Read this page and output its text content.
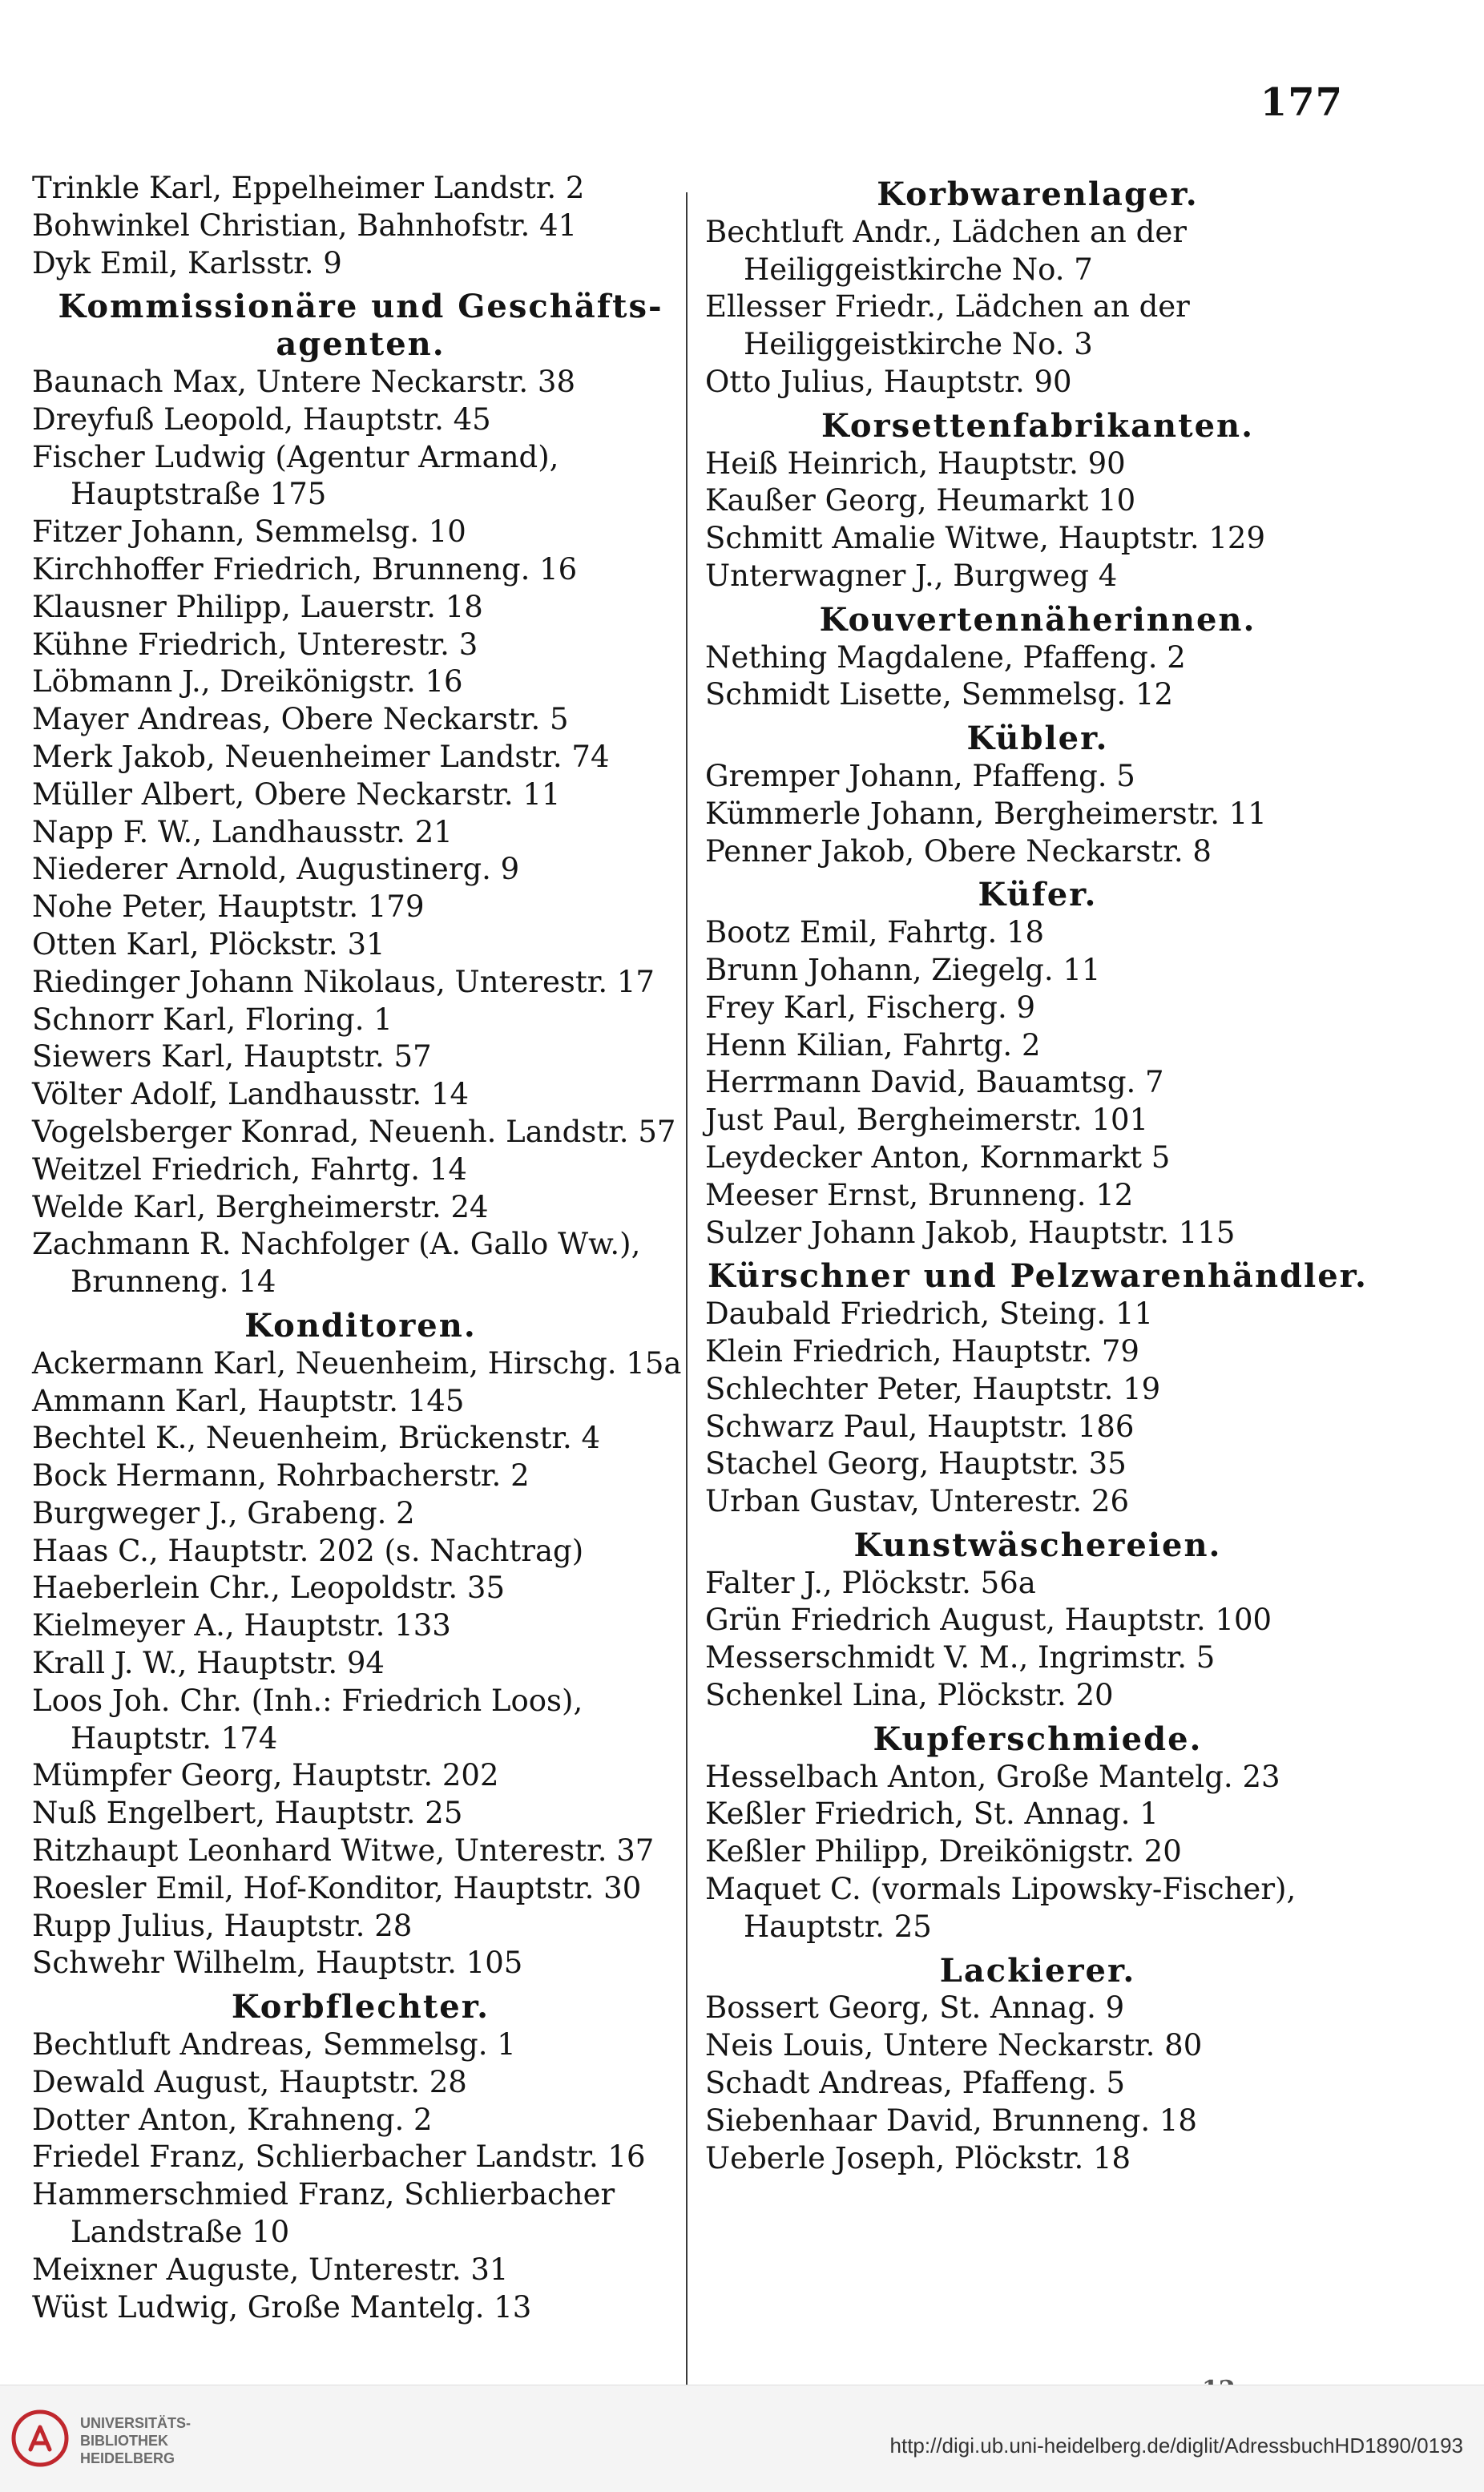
177
Trinkle Karl, Eppelheimer Landstr. 2
Bohwinkel Christian, Bahnhofstr. 41
Dyk Emil, Karlsstr. 9
Kommissionäre und Geschäfts-agenten.
Baunach Max, Untere Neckarstr. 38
Dreyfuß Leopold, Hauptstr. 45
Fischer Ludwig (Agentur Armand), Hauptstraße 175
Fitzer Johann, Semmelsg. 10
Kirchhoffer Friedrich, Brunneng. 16
Klausner Philipp, Lauerstr. 18
Kühne Friedrich, Unterestr. 3
Löbmann J., Dreikönigstr. 16
Mayer Andreas, Obere Neckarstr. 5
Merk Jakob, Neuenheimer Landstr. 74
Müller Albert, Obere Neckarstr. 11
Napp F. W., Landhausstr. 21
Niederer Arnold, Augustinerg. 9
Nohe Peter, Hauptstr. 179
Otten Karl, Plöckstr. 31
Riedinger Johann Nikolaus, Unterestr. 17
Schnorr Karl, Floring. 1
Siewers Karl, Hauptstr. 57
Völter Adolf, Landhausstr. 14
Vogelsberger Konrad, Neuenh. Landstr. 57
Weitzel Friedrich, Fahrtg. 14
Welde Karl, Bergheimerstr. 24
Zachmann R. Nachfolger (A. Gallo Ww.), Brunneng. 14
Konditoren.
Ackermann Karl, Neuenheim, Hirschg. 15a
Ammann Karl, Hauptstr. 145
Bechtel K., Neuenheim, Brückenstr. 4
Bock Hermann, Rohrbacherstr. 2
Burgweger J., Grabeng. 2
Haas C., Hauptstr. 202 (s. Nachtrag)
Haeberlein Chr., Leopoldstr. 35
Kielmeyer A., Hauptstr. 133
Krall J. W., Hauptstr. 94
Loos Joh. Chr. (Inh.: Friedrich Loos), Hauptstr. 174
Mümpfer Georg, Hauptstr. 202
Nuß Engelbert, Hauptstr. 25
Ritzhaupt Leonhard Witwe, Unterestr. 37
Roesler Emil, Hof-Konditor, Hauptstr. 30
Rupp Julius, Hauptstr. 28
Schwehr Wilhelm, Hauptstr. 105
Korbflechter.
Bechtluft Andreas, Semmelsg. 1
Dewald August, Hauptstr. 28
Dotter Anton, Krahneng. 2
Friedel Franz, Schlierbacher Landstr. 16
Hammerschmied Franz, Schlierbacher Landstraße 10
Meixner Auguste, Unterestr. 31
Wüst Ludwig, Große Mantelg. 13
Korbwarenlager.
Bechtluft Andr., Lädchen an der Heiliggeistkirche No. 7
Ellesser Friedr., Lädchen an der Heiliggeistkirche No. 3
Otto Julius, Hauptstr. 90
Korsettenfabrikanten.
Heiß Heinrich, Hauptstr. 90
Kaußer Georg, Heumarkt 10
Schmitt Amalie Witwe, Hauptstr. 129
Unterwagner J., Burgweg 4
Kouvertennäherinnen.
Nething Magdalene, Pfaffeng. 2
Schmidt Lisette, Semmelsg. 12
Kübler.
Gremper Johann, Pfaffeng. 5
Kümmerle Johann, Bergheimerstr. 11
Penner Jakob, Obere Neckarstr. 8
Küfer.
Bootz Emil, Fahrtg. 18
Brunn Johann, Ziegelg. 11
Frey Karl, Fischerg. 9
Henn Kilian, Fahrtg. 2
Herrmann David, Bauamtsg. 7
Just Paul, Bergheimerstr. 101
Leydecker Anton, Kornmarkt 5
Meeser Ernst, Brunneng. 12
Sulzer Johann Jakob, Hauptstr. 115
Kürschner und Pelzwarenhändler.
Daubald Friedrich, Steing. 11
Klein Friedrich, Hauptstr. 79
Schlechter Peter, Hauptstr. 19
Schwarz Paul, Hauptstr. 186
Stachel Georg, Hauptstr. 35
Urban Gustav, Unterestr. 26
Kunstwäschereien.
Falter J., Plöckstr. 56a
Grün Friedrich August, Hauptstr. 100
Messerschmidt V. M., Ingrimstr. 5
Schenkel Lina, Plöckstr. 20
Kupferschmiede.
Hesselbach Anton, Große Mantelg. 23
Keßler Friedrich, St. Annag. 1
Keßler Philipp, Dreikönigstr. 20
Maquet C. (vormals Lipowsky-Fischer), Hauptstr. 25
Lackierer.
Bossert Georg, St. Annag. 9
Neis Louis, Untere Neckarstr. 80
Schadt Andreas, Pfaffeng. 5
Siebenhaar David, Brunneng. 18
Ueberle Joseph, Plöckstr. 18
UNIVERSITÄTS-
BIBLIOTHEK
HEIDELBERG
http://digi.ub.uni-heidelberg.de/diglit/AdressbuchHD1890/0193
